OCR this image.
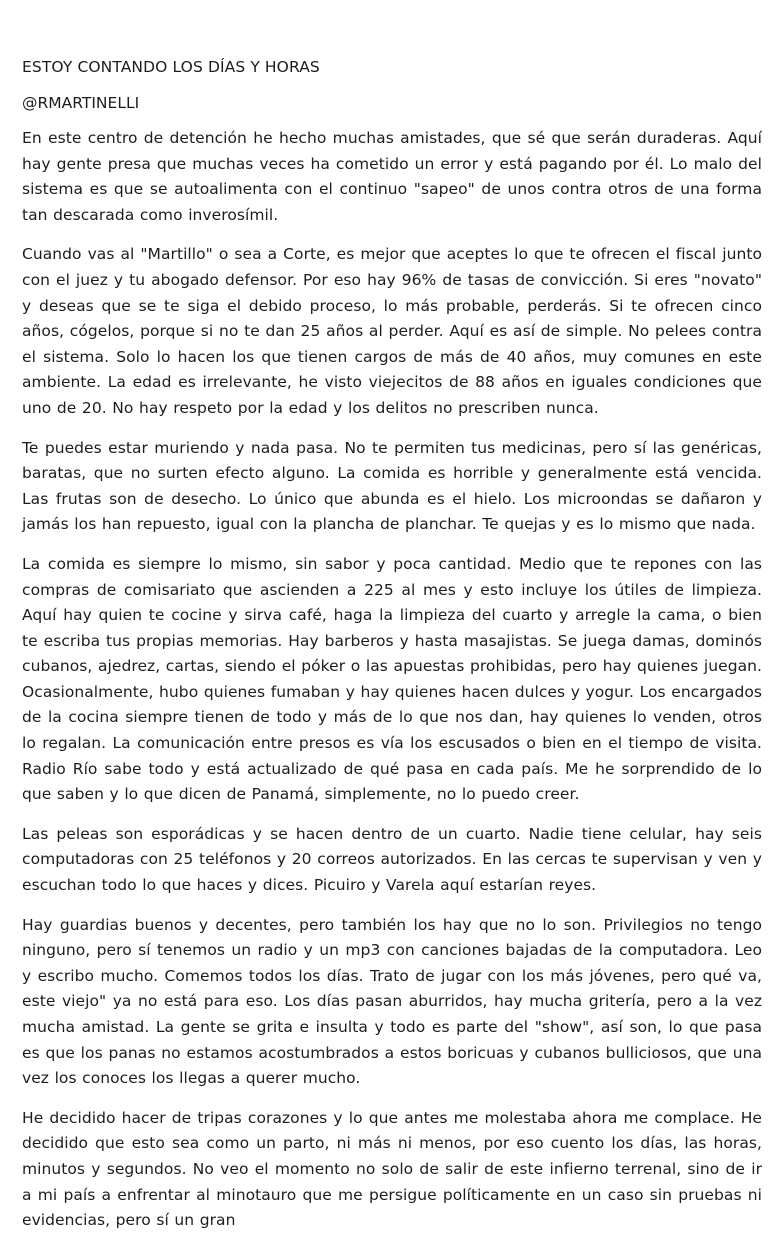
ESTOY CONTANDO LOS DÍAS Y HORAS
@RMARTINELLI

En este centro de detención he hecho muchas amistades, que sé que serán duraderas. Aquí hay gente presa que muchas veces ha cometido un error y está pagando por él. Lo malo del sistema es que se autoalimenta con el continuo "sapeo" de unos contra otros de una forma tan descarada como inverosímil.

Cuando vas al "Martillo" o sea a Corte, es mejor que aceptes lo que te ofrecen el fiscal junto con el juez y tu abogado defensor. Por eso hay 96% de tasas de convicción. Si eres "novato" y deseas que se te siga el debido proceso, lo más probable, perderás. Si te ofrecen cinco años, cógelos, porque si no te dan 25 años al perder. Aquí es así de simple. No pelees contra el sistema. Solo lo hacen los que tienen cargos de más de 40 años, muy comunes en este ambiente. La edad es irrelevante, he visto viejecitos de 88 años en iguales condiciones que uno de 20. No hay respeto por la edad y los delitos no prescriben nunca.

Te puedes estar muriendo y nada pasa. No te permiten tus medicinas, pero sí las genéricas, baratas, que no surten efecto alguno. La comida es horrible y generalmente está vencida. Las frutas son de desecho. Lo único que abunda es el hielo. Los microondas se dañaron y jamás los han repuesto, igual con la plancha de planchar. Te quejas y es lo mismo que nada.

La comida es siempre lo mismo, sin sabor y poca cantidad. Medio que te repones con las compras de comisariato que ascienden a 225 al mes y esto incluye los útiles de limpieza. Aquí hay quien te cocine y sirva café, haga la limpieza del cuarto y arregle la cama, o bien te escriba tus propias memorias. Hay barberos y hasta masajistas. Se juega damas, dominós cubanos, ajedrez, cartas, siendo el póker o las apuestas prohibidas, pero hay quienes juegan. Ocasionalmente, hubo quienes fumaban y hay quienes hacen dulces y yogur. Los encargados de la cocina siempre tienen de todo y más de lo que nos dan, hay quienes lo venden, otros lo regalan. La comunicación entre presos es vía los escusados o bien en el tiempo de visita. Radio Río sabe todo y está actualizado de qué pasa en cada país. Me he sorprendido de lo que saben y lo que dicen de Panamá, simplemente, no lo puedo creer.

Las peleas son esporádicas y se hacen dentro de un cuarto. Nadie tiene celular, hay seis computadoras con 25 teléfonos y 20 correos autorizados. En las cercas te supervisan y ven y escuchan todo lo que haces y dices. Picuiro y Varela aquí estarían reyes.

Hay guardias buenos y decentes, pero también los hay que no lo son. Privilegios no tengo ninguno, pero sí tenemos un radio y un mp3 con canciones bajadas de la computadora. Leo y escribo mucho. Comemos todos los días. Trato de jugar con los más jóvenes, pero qué va, este viejo" ya no está para eso. Los días pasan aburridos, hay mucha gritería, pero a la vez mucha amistad. La gente se grita e insulta y todo es parte del "show", así son, lo que pasa es que los panas no estamos acostumbrados a estos boricuas y cubanos bulliciosos, que una vez los conoces los llegas a querer mucho.

He decidido hacer de tripas corazones y lo que antes me molestaba ahora me complace. He decidido que esto sea como un parto, ni más ni menos, por eso cuento los días, las horas, minutos y segundos. No veo el momento no solo de salir de este infierno terrenal, sino de ir a mi país a enfrentar al minotauro que me persigue políticamente en un caso sin pruebas ni evidencias, pero sí un gran
